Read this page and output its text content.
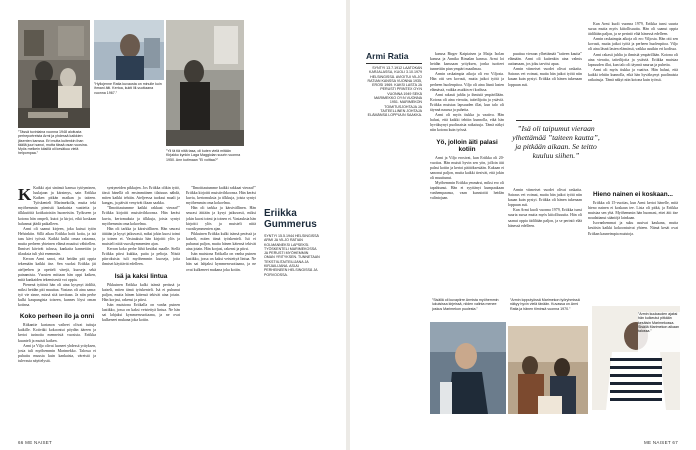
”Tässä tuvinlaina vuonna 1948 aloitusta perheportreista Armi ja yhdessä kaikkien jäsenten kanssa. Eri mutta kuitenkin ihan täällä juuri sanoi, mutta tässä osan vuosina. Myös melkein käsillä oli kesäkuu vielä helpompaa.”
”Hyllojenne Ratia kuvausta on minulle kuin ihmani äiti. Kertoa, kukti lili-vuotiaana vuonna 1967.”
”Yli tä tiä niitä tasa, oli kuten vielä mitään Kirjakko kynkin Laga Maggiolan suurin vuonna 1950. Ann kutimaan ”Ei voittaa?”
Eriikka
Gummerus
SYNTYI 15.5.1944 HELSINGISSÄ ARMI JA VILJO RATIAN KOLMANNEKSI LAPSEKSI. TYÖSKENTELI MARIMEKOSSA JA PERUSTI MYÖHEMMIN OMAN YRITYKSEN. TUNNETAAN TEKSTIILITAITEILIJANA JA KIRJAILIJANA. ASUU PERHEINEEN HELSINGISSÄ JA PORVOOSSA.

K Kaikki ajat sinänsä kanssa tytöyminen, luulajaan ja kärsimys, sain Eriikka Kaiken pitkän matkan ja taiteen. Työskenteli Marimekolla, mutta teki myöhemmin pienistä kankaista vaatteita ja tilkkutöitä kotikutoisiin huoneisiin. Työkseen ja kotona hän ompeli, kutoi ja kirjoi, eikä koskaan halunnut jäädä paikalleen.

Armi oli saanut kirjeen, joka kutsui tytön Helsinkiin. Sillä aikaa Eriikka hoiti kotia, ja isä taas kävi työssä. Kaikki kulki omaa rataansa, mutta perheen yhteinen elämä muuttui vähitellen. Ihmiset kävivät talossa, kankaita kannettiin ja tilauksia tuli yhä enemmän.

Kerran Armi sanoi, että heidän piti oppia tekemään kaikki itse. Sen vuoksi Eriikka jäi ateljeehen ja opetteli värejä, kuoseja sekä painamista. Vuosien mittaan hän oppi kaiken, mitä kankaiden tekemisestä voi oppia.

Pienenä tyttönä hän oli aina kysynyt äidiltä, miksi heidän piti muuttaa. Vastaus oli aina sama: työ vie sinne, missä sitä tarvitaan. Ja niin perhe kulki kaupungista toiseen, kunnes löysi oman kotinsa.

Koko perheen ilo ja onni

Riikantie kartanon vaiheet olivat tuttuja kaikille. Kotiväki kokoontui pöydän ääreen ja kertoi tarinoita menneistä vuosista. Eriikka kuunteli ja muisti kaiken.

Armi ja Viljo olivat luoneet yhdessä yrityksen, josta tuli myöhemmin Marimekko. Talossa ei puhuttu muusta kuin kankaista, väreistä ja tulevasta näyttelystä.

syntyneiden pikkujen. Jos Eriikka olikin tyttö, tässä hänellä oli ensimmäinen tilaisuus nähdä, miten kaikki tehtiin. Ateljeessa tuoksui maali ja kangas, ja päivät venyivät iltaan saakka.

”Ilmoittautumme kaikki rakkaat vieraat!” Eriikka kirjoitti muistivihkoonsa. Hän keräsi kuvia, kertomuksia ja tilkkuja, joista syntyi myöhemmin oma kokoelma.

Hän oli tarkka ja kärsivällinen. Hän seurasi äitiään ja kysyi jatkuvasti, miksi jokin kuosi toimi ja toinen ei. Vastauksia hän kirjoitti ylös ja muisteli niitä vuosikymmenien ajan.

Kerran koko perhe lähti kesäksi maalle. Siellä Eriikka piirsi kukkia, puita ja peltoja. Niistä piirroksista tuli myöhemmin kuoseja, joita ihmiset käyttävät edelleen.

Isä ja kaksi lintua

Pikkuinen Eriikka kulki isänsä perässä ja katseli, miten tämä työskenteli. Isä ei puhunut paljon, mutta hänen kätensä tekivät aina jotain. Hän korjasi, rakensi ja piirsi.

Isän muistona Eriikalla on vanha puinen laatikko, jossa on kaksi veistettyä lintua. Ne hän sai lahjaksi kymmenvuotiaana, ja ne ovat kulkeneet mukana joka kotiin.

”Ilmoittautumme kaikki rakkaat vieraat!” Eriikka kirjoitti muistivihkoonsa. Hän keräsi kuvia, kertomuksia ja tilkkuja, joista syntyi myöhemmin oma kokoelma.

Hän oli tarkka ja kärsivällinen. Hän seurasi äitiään ja kysyi jatkuvasti, miksi jokin kuosi toimi ja toinen ei. Vastauksia hän kirjoitti ylös ja muisteli niitä vuosikymmenien ajan.

Pikkuinen Eriikka kulki isänsä perässä ja katseli, miten tämä työskenteli. Isä ei puhunut paljon, mutta hänen kätensä tekivät aina jotain. Hän korjasi, rakensi ja piirsi.

Isän muistona Eriikalla on vanha puinen laatikko, jossa on kaksi veistettyä lintua. Ne hän sai lahjaksi kymmenvuotiaana, ja ne ovat kulkeneet mukana joka kotiin.

66 ME NAISET
Armi Ratia
SYNTYI 13.7.1912 LAATOKAN KARJALASSA, KUOLI 3.10.1979 HELSINGISSÄ. AVIOITUI VILJO RATIAN KANSSA VUONNA 1935, EROSI 1969. KAKSI LASTA JA PERUSTI PRINTEX OY:N VUONNA 1949 SEKÄ MARIMEKKO OY:N VUONNA 1951. MARIMEKON TOIMITUSJOHTAJA JA TAITEELLINEN JOHTAJA ELÄMÄNSÄ LOPPUUN SAAKKA.

kanssa Birger Kaipiaisen ja Maija Isolan kanssa ja Annika Rimalan kanssa. Armi loi heidän kanssaan yrityksen, jonka tuotteet tunnettiin pian ympäri maailmaa.

Armin raskaimpia aikoja oli ero Viljosta. Hän otti sen kovasti, mutta jatkoi työtä ja perheen huolenpitoa. Viljo oli aina läsnä lasten elämässä, vaikka asuikin eri kodissa.

Armi rakasti juhlia ja ihmisiä ympärillään. Kotona oli aina vieraita, taiteilijoita ja ystäviä. Eriikka muistaa lapsuuden illat, kun talo oli täynnä naurua ja puhetta.

Armi oli myös tiukka ja vaativa. Hän halusi, että kaikki tehtiin kunnolla, eikä hän hyväksynyt puolinaisia ratkaisuja. Tämä näkyi niin kotona kuin työssä.

Yö, jolloin äiti palasi kotiin

Armi ja Viljo erosivat, kun Eriikka oli 20-vuotias. Hän muisti hyvin sen yön, jolloin äiti palasi kotiin ja kertoi päätöksestään. Kukaan ei sanonut paljon, mutta kaikki tiesivät, että jokin oli muuttunut.

Myöhemmin Eriikka ymmärsi, miksi ero oli tapahtunut. Hän ei syyttänyt kumpaakaan vanhempaansa, vaan kunnioitti heidän valintojaan.

puuttua vieraan ylhettämää ”taiteen kautta” elämään. Armi oli kuitenkin aina valmis auttamaan, jos joku tarvitsi apua.

Armin viimeiset vuodet olivat raskaita. Sairaus vei voimat, mutta hän jatkoi työtä niin kauan kuin pystyi. Eriikka oli hänen tukenaan loppuun asti.

”Isä oli taipumut vieraan ylhettämää ”taiteen kautta”, ja pitkään aikaan. Se teitto kuuluu siihen.”

Armin viimeiset vuodet olivat raskaita. Sairaus vei voimat, mutta hän jatkoi työtä niin kauan kuin pystyi. Eriikka oli hänen tukenaan loppuun asti.

Kun Armi kuoli vuonna 1979, Eriikka tunsi suurta surua mutta myös kiitollisuutta. Hän oli saanut oppia äidiltään paljon, ja se perintö elää hänessä edelleen.

Kun Armi kuoli vuonna 1979, Eriikka tunsi suurta surua mutta myös kiitollisuutta. Hän oli saanut oppia äidiltään paljon, ja se perintö elää hänessä edelleen.

Armin raskaimpia aikoja oli ero Viljosta. Hän otti sen kovasti, mutta jatkoi työtä ja perheen huolenpitoa. Viljo oli aina läsnä lasten elämässä, vaikka asuikin eri kodissa.

Armi rakasti juhlia ja ihmisiä ympärillään. Kotona oli aina vieraita, taiteilijoita ja ystäviä. Eriikka muistaa lapsuuden illat, kun talo oli täynnä naurua ja puhetta.

Armi oli myös tiukka ja vaativa. Hän halusi, että kaikki tehtiin kunnolla, eikä hän hyväksynyt puolinaisia ratkaisuja. Tämä näkyi niin kotona kuin työssä.

Hieno nainen ei koskaan...

Eriikka oli 15-vuotias, kun Armi kertoi hänelle, mitä hieno nainen ei koskaan tee. Lista oli pitkä, ja Eriikka muistaa sen yhä. Myöhemmin hän huomasi, ettei äiti itse noudattanut sääntöjä lainkaan.

Isovanhemmat ja suku asuivat kaukana, mutta kesäisin kaikki kokoontuivat yhteen. Nämä kesät ovat Eriikan kauneimpia muistoja.

”Sisällä oli kuvapiirre Armista myöhemmin lukuisissa kirjeissä, niiden valinta menee joskus Marimekon puolesta.”
”Armin lopputyössä Marimekon työryhmissä näkyy hyvin vielä tänään. Kuvassa on Armi Ratia ja hänen tiiminsä vuonna 1970.”
”Armin kuukauden ajaksi hän kulkeutui pitkään kesäisin Marimekossa. Sisällä Marimekon aikaan talossa.”
ME NAISET 67
